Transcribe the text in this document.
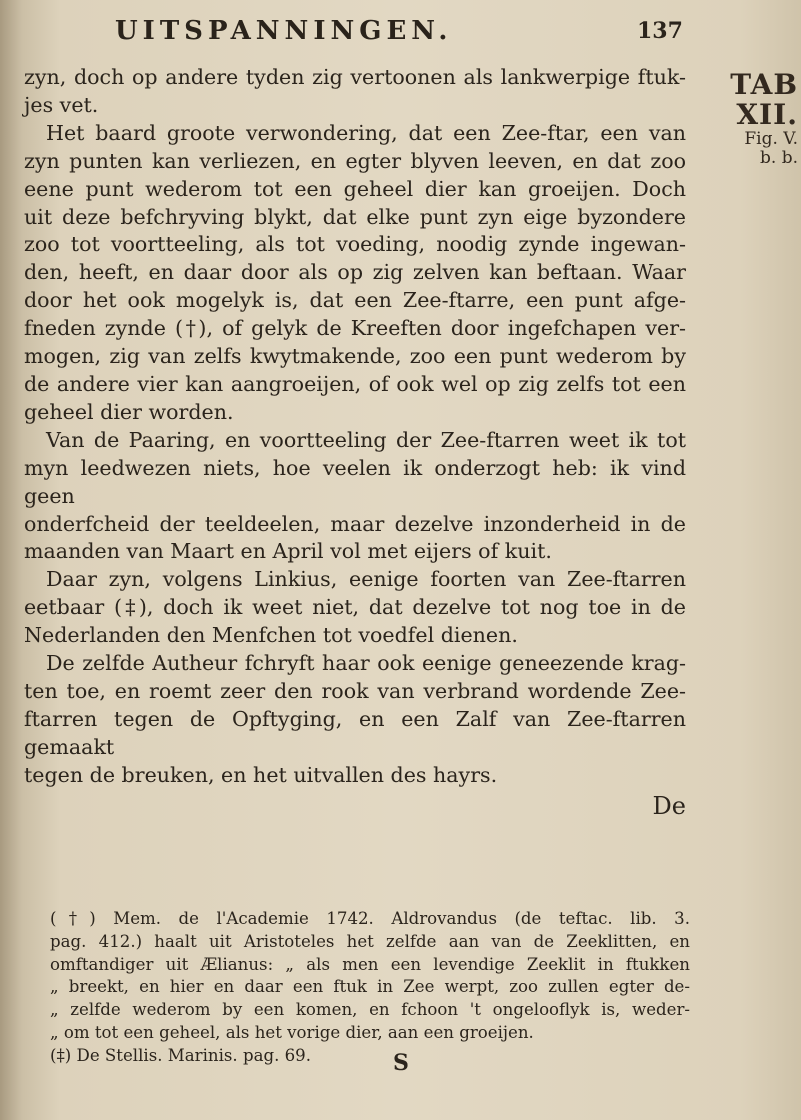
UITSPANNINGEN.	137
TAB XII.
Fig. V.
b. b.

zyn, doch op andere tyden zig vertoonen als lankwerpige ftuk-

jes vet.

Het baard groote verwondering, dat een Zee-ftar, een van

zyn punten kan verliezen, en egter blyven leeven, en dat zoo

eene punt wederom tot een geheel dier kan groeijen. Doch

uit deze befchryving blykt, dat elke punt zyn eige byzondere

zoo tot voortteeling, als tot voeding, noodig zynde ingewan-

den, heeft, en daar door als op zig zelven kan beftaan. Waar

door het ook mogelyk is, dat een Zee-ftarre, een punt afge-

fneden zynde (†), of gelyk de Kreeften door ingefchapen ver-

mogen, zig van zelfs kwytmakende, zoo een punt wederom by

de andere vier kan aangroeijen, of ook wel op zig zelfs tot een

geheel dier worden.

Van de Paaring, en voortteeling der Zee-ftarren weet ik tot

myn leedwezen niets, hoe veelen ik onderzogt heb: ik vind geen

onderfcheid der teeldeelen, maar dezelve inzonderheid in de

maanden van Maart en April vol met eijers of kuit.

Daar zyn, volgens Linkius, eenige foorten van Zee-ftarren

eetbaar (‡), doch ik weet niet, dat dezelve tot nog toe in de

Nederlanden den Menfchen tot voedfel dienen.

De zelfde Autheur fchryft haar ook eenige geneezende krag-

ten toe, en roemt zeer den rook van verbrand wordende Zee-

ftarren tegen de Opftyging, en een Zalf van Zee-ftarren gemaakt

tegen de breuken, en het uitvallen des hayrs.

De

(†) Mem. de l'Academie 1742. Aldrovandus (de teftac. lib. 3.

pag. 412.) haalt uit Aristoteles het zelfde aan van de Zeeklitten, en

omftandiger uit Ælianus: „ als men een levendige Zeeklit in ftukken

„ breekt, en hier en daar een ftuk in Zee werpt, zoo zullen egter de-

„ zelfde wederom by een komen, en fchoon 't ongelooflyk is, weder-

„ om tot een geheel, als het vorige dier, aan een groeijen.

(‡) De Stellis. Marinis. pag. 69.	S
